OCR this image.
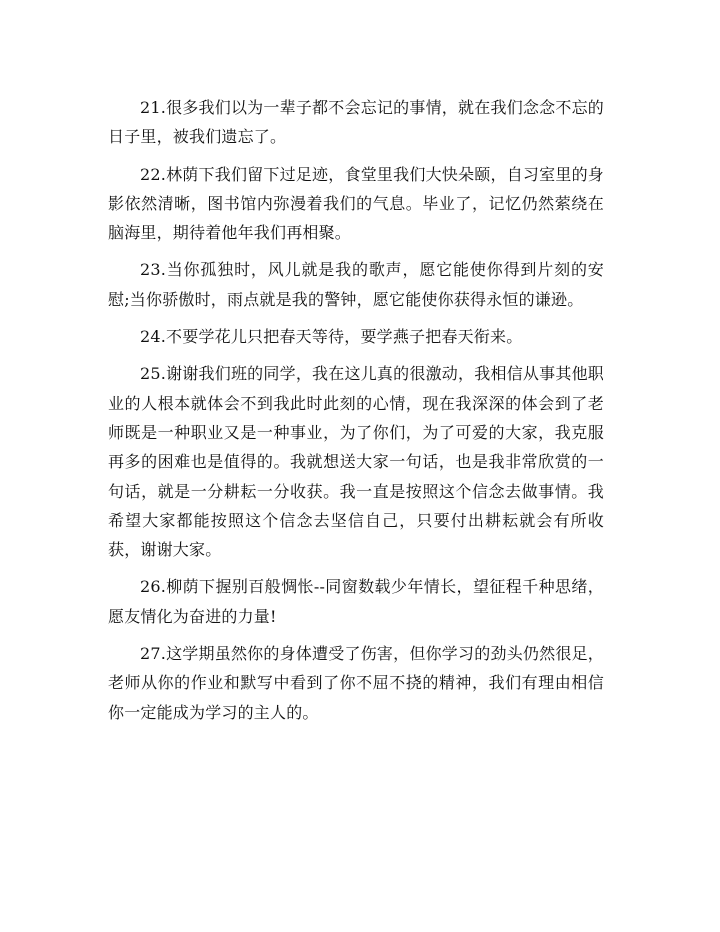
21.很多我们以为一辈子都不会忘记的事情，就在我们念念不忘的日子里，被我们遗忘了。

22.林荫下我们留下过足迹，食堂里我们大快朵颐，自习室里的身影依然清晰，图书馆内弥漫着我们的气息。毕业了，记忆仍然萦绕在脑海里，期待着他年我们再相聚。

23.当你孤独时，风儿就是我的歌声，愿它能使你得到片刻的安慰;当你骄傲时，雨点就是我的警钟，愿它能使你获得永恒的谦逊。

24.不要学花儿只把春天等待，要学燕子把春天衔来。

25.谢谢我们班的同学，我在这儿真的很激动，我相信从事其他职业的人根本就体会不到我此时此刻的心情，现在我深深的体会到了老师既是一种职业又是一种事业，为了你们，为了可爱的大家，我克服再多的困难也是值得的。我就想送大家一句话，也是我非常欣赏的一句话，就是一分耕耘一分收获。我一直是按照这个信念去做事情。我希望大家都能按照这个信念去坚信自己，只要付出耕耘就会有所收获，谢谢大家。

26.柳荫下握别百般惆怅--同窗数载少年情长，望征程千种思绪，愿友情化为奋进的力量!

27.这学期虽然你的身体遭受了伤害，但你学习的劲头仍然很足，老师从你的作业和默写中看到了你不屈不挠的精神，我们有理由相信你一定能成为学习的主人的。
